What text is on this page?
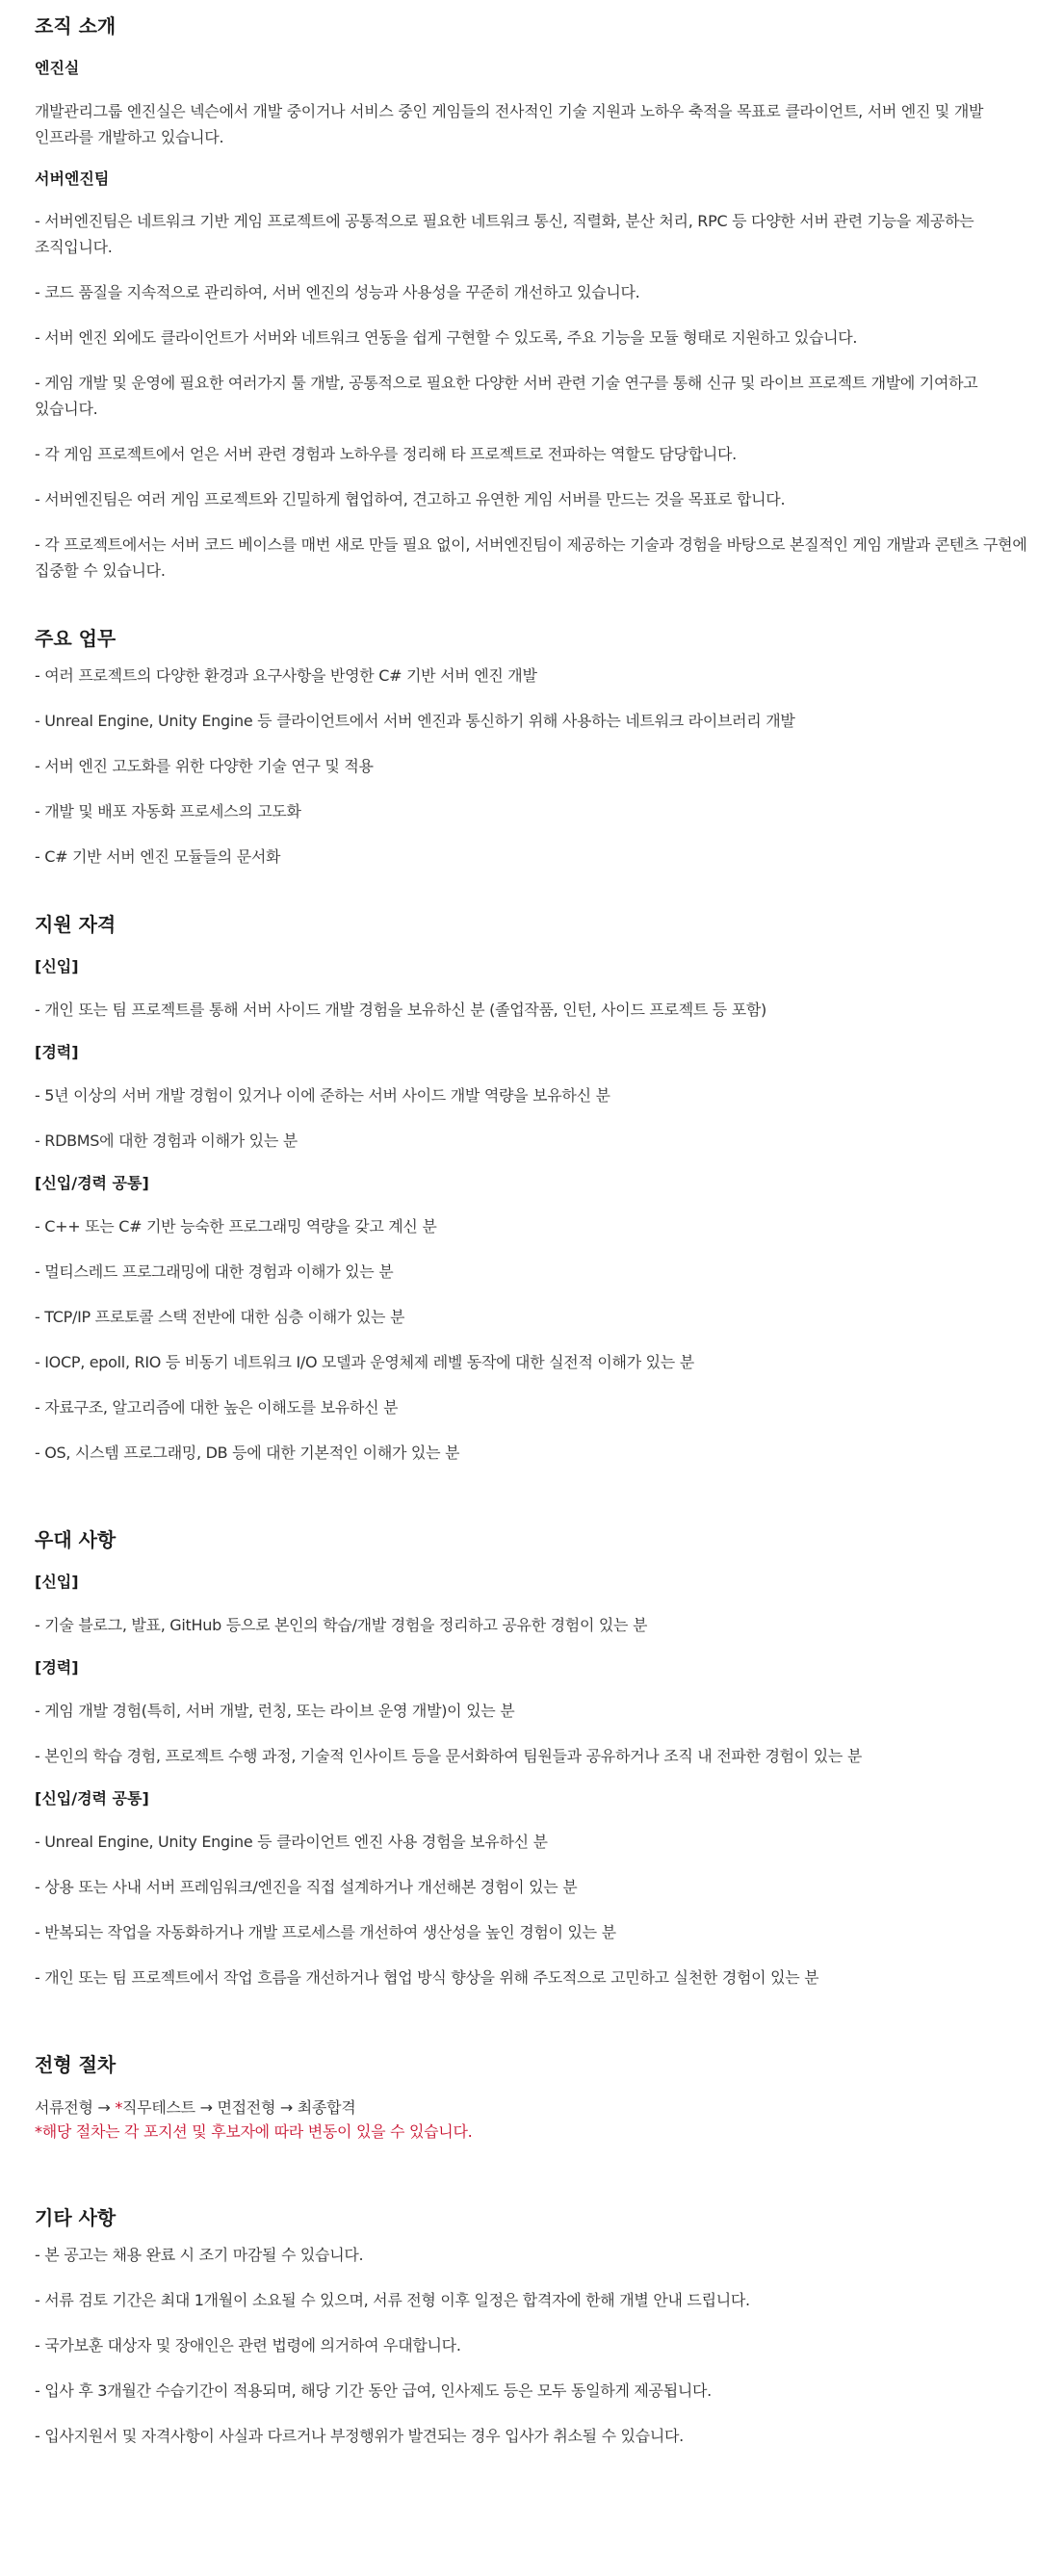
조직 소개
엔진실

개발관리그룹 엔진실은 넥슨에서 개발 중이거나 서비스 중인 게임들의 전사적인 기술 지원과 노하우 축적을 목표로 클라이언트, 서버 엔진 및 개발 인프라를 개발하고 있습니다.

서버엔진팀

- 서버엔진팀은 네트워크 기반 게임 프로젝트에 공통적으로 필요한 네트워크 통신, 직렬화, 분산 처리, RPC 등 다양한 서버 관련 기능을 제공하는 조직입니다.

- 코드 품질을 지속적으로 관리하여, 서버 엔진의 성능과 사용성을 꾸준히 개선하고 있습니다.

- 서버 엔진 외에도 클라이언트가 서버와 네트워크 연동을 쉽게 구현할 수 있도록, 주요 기능을 모듈 형태로 지원하고 있습니다.

- 게임 개발 및 운영에 필요한 여러가지 툴 개발, 공통적으로 필요한 다양한 서버 관련 기술 연구를 통해 신규 및 라이브 프로젝트 개발에 기여하고 있습니다.

- 각 게임 프로젝트에서 얻은 서버 관련 경험과 노하우를 정리해 타 프로젝트로 전파하는 역할도 담당합니다.

- 서버엔진팀은 여러 게임 프로젝트와 긴밀하게 협업하여, 견고하고 유연한 게임 서버를 만드는 것을 목표로 합니다.

- 각 프로젝트에서는 서버 코드 베이스를 매번 새로 만들 필요 없이, 서버엔진팀이 제공하는 기술과 경험을 바탕으로 본질적인 게임 개발과 콘텐츠 구현에 집중할 수 있습니다.

주요 업무

- 여러 프로젝트의 다양한 환경과 요구사항을 반영한 C# 기반 서버 엔진 개발

- Unreal Engine, Unity Engine 등 클라이언트에서 서버 엔진과 통신하기 위해 사용하는 네트워크 라이브러리 개발

- 서버 엔진 고도화를 위한 다양한 기술 연구 및 적용

- 개발 및 배포 자동화 프로세스의 고도화

- C# 기반 서버 엔진 모듈들의 문서화

지원 자격
[신입]

- 개인 또는 팀 프로젝트를 통해 서버 사이드 개발 경험을 보유하신 분 (졸업작품, 인턴, 사이드 프로젝트 등 포함)

[경력]

- 5년 이상의 서버 개발 경험이 있거나 이에 준하는 서버 사이드 개발 역량을 보유하신 분

- RDBMS에 대한 경험과 이해가 있는 분

[신입/경력 공통]

- C++ 또는 C# 기반 능숙한 프로그래밍 역량을 갖고 계신 분

- 멀티스레드 프로그래밍에 대한 경험과 이해가 있는 분

- TCP/IP 프로토콜 스택 전반에 대한 심층 이해가 있는 분

- IOCP, epoll, RIO 등 비동기 네트워크 I/O 모델과 운영체제 레벨 동작에 대한 실전적 이해가 있는 분

- 자료구조, 알고리즘에 대한 높은 이해도를 보유하신 분

- OS, 시스템 프로그래밍, DB 등에 대한 기본적인 이해가 있는 분

우대 사항
[신입]

- 기술 블로그, 발표, GitHub 등으로 본인의 학습/개발 경험을 정리하고 공유한 경험이 있는 분

[경력]

- 게임 개발 경험(특히, 서버 개발, 런칭, 또는 라이브 운영 개발)이 있는 분

- 본인의 학습 경험, 프로젝트 수행 과정, 기술적 인사이트 등을 문서화하여 팀원들과 공유하거나 조직 내 전파한 경험이 있는 분

[신입/경력 공통]

- Unreal Engine, Unity Engine 등 클라이언트 엔진 사용 경험을 보유하신 분

- 상용 또는 사내 서버 프레임워크/엔진을 직접 설계하거나 개선해본 경험이 있는 분

- 반복되는 작업을 자동화하거나 개발 프로세스를 개선하여 생산성을 높인 경험이 있는 분

- 개인 또는 팀 프로젝트에서 작업 흐름을 개선하거나 협업 방식 향상을 위해 주도적으로 고민하고 실천한 경험이 있는 분

전형 절차

서류전형 → *직무테스트 → 면접전형 → 최종합격

*해당 절차는 각 포지션 및 후보자에 따라 변동이 있을 수 있습니다.

기타 사항

- 본 공고는 채용 완료 시 조기 마감될 수 있습니다.

- 서류 검토 기간은 최대 1개월이 소요될 수 있으며, 서류 전형 이후 일정은 합격자에 한해 개별 안내 드립니다.

- 국가보훈 대상자 및 장애인은 관련 법령에 의거하여 우대합니다.

- 입사 후 3개월간 수습기간이 적용되며, 해당 기간 동안 급여, 인사제도 등은 모두 동일하게 제공됩니다.

- 입사지원서 및 자격사항이 사실과 다르거나 부정행위가 발견되는 경우 입사가 취소될 수 있습니다.
